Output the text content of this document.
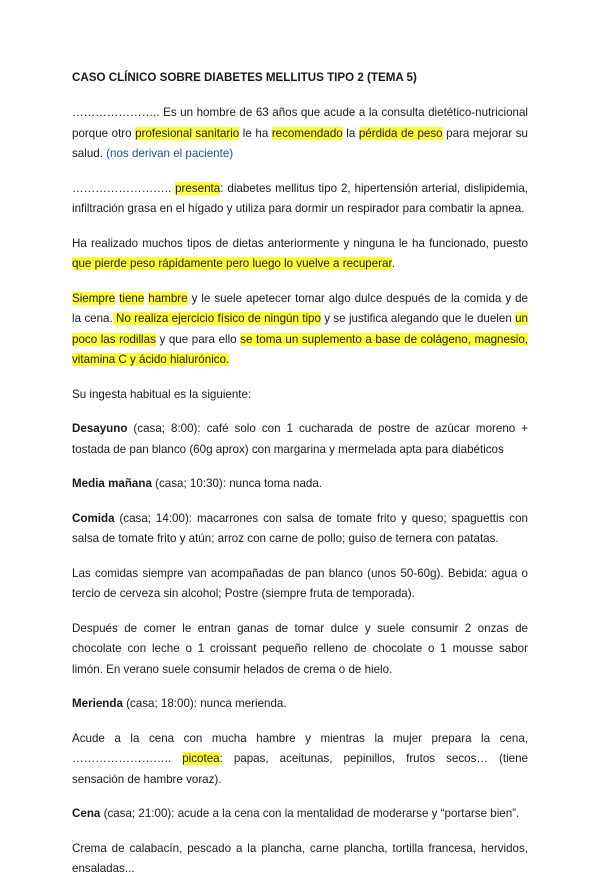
CASO CLÍNICO SOBRE DIABETES MELLITUS TIPO 2 (TEMA 5)

………………….. Es un hombre de 63 años que acude a la consulta dietético-nutricional porque otro profesional sanitario le ha recomendado la pérdida de peso para mejorar su salud. (nos derivan el paciente)

…………………….. presenta: diabetes mellitus tipo 2, hipertensión arterial, dislipidemia, infiltración grasa en el hígado y utiliza para dormir un respirador para combatir la apnea.

Ha realizado muchos tipos de dietas anteriormente y ninguna le ha funcionado, puesto que pierde peso rápidamente pero luego lo vuelve a recuperar.

Siempre tiene hambre y le suele apetecer tomar algo dulce después de la comida y de la cena. No realiza ejercicio físico de ningún tipo y se justifica alegando que le duelen un poco las rodillas y que para ello se toma un suplemento a base de colágeno, magnesio, vitamina C y ácido hialurónico.

Su ingesta habitual es la siguiente:

Desayuno (casa; 8:00): café solo con 1 cucharada de postre de azúcar moreno + tostada de pan blanco (60g aprox) con margarina y mermelada apta para diabéticos

Media mañana (casa; 10:30): nunca toma nada.

Comida (casa; 14:00): macarrones con salsa de tomate frito y queso; spaguettis con salsa de tomate frito y atún; arroz con carne de pollo; guiso de ternera con patatas.

Las comidas siempre van acompañadas de pan blanco (unos 50-60g). Bebida: agua o tercio de cerveza sin alcohol; Postre (siempre fruta de temporada).

Después de comer le entran ganas de tomar dulce y suele consumir 2 onzas de chocolate con leche o 1 croissant pequeño relleno de chocolate o 1 mousse sabor limón. En verano suele consumir helados de crema o de hielo.

Merienda (casa; 18:00): nunca merienda.

Acude a la cena con mucha hambre y mientras la mujer prepara la cena, …………………….. picotea: papas, aceitunas, pepinillos, frutos secos… (tiene sensación de hambre voraz).

Cena (casa; 21:00): acude a la cena con la mentalidad de moderarse y “portarse bien”.

Crema de calabacín, pescado a la plancha, carne plancha, tortilla francesa, hervidos, ensaladas...
